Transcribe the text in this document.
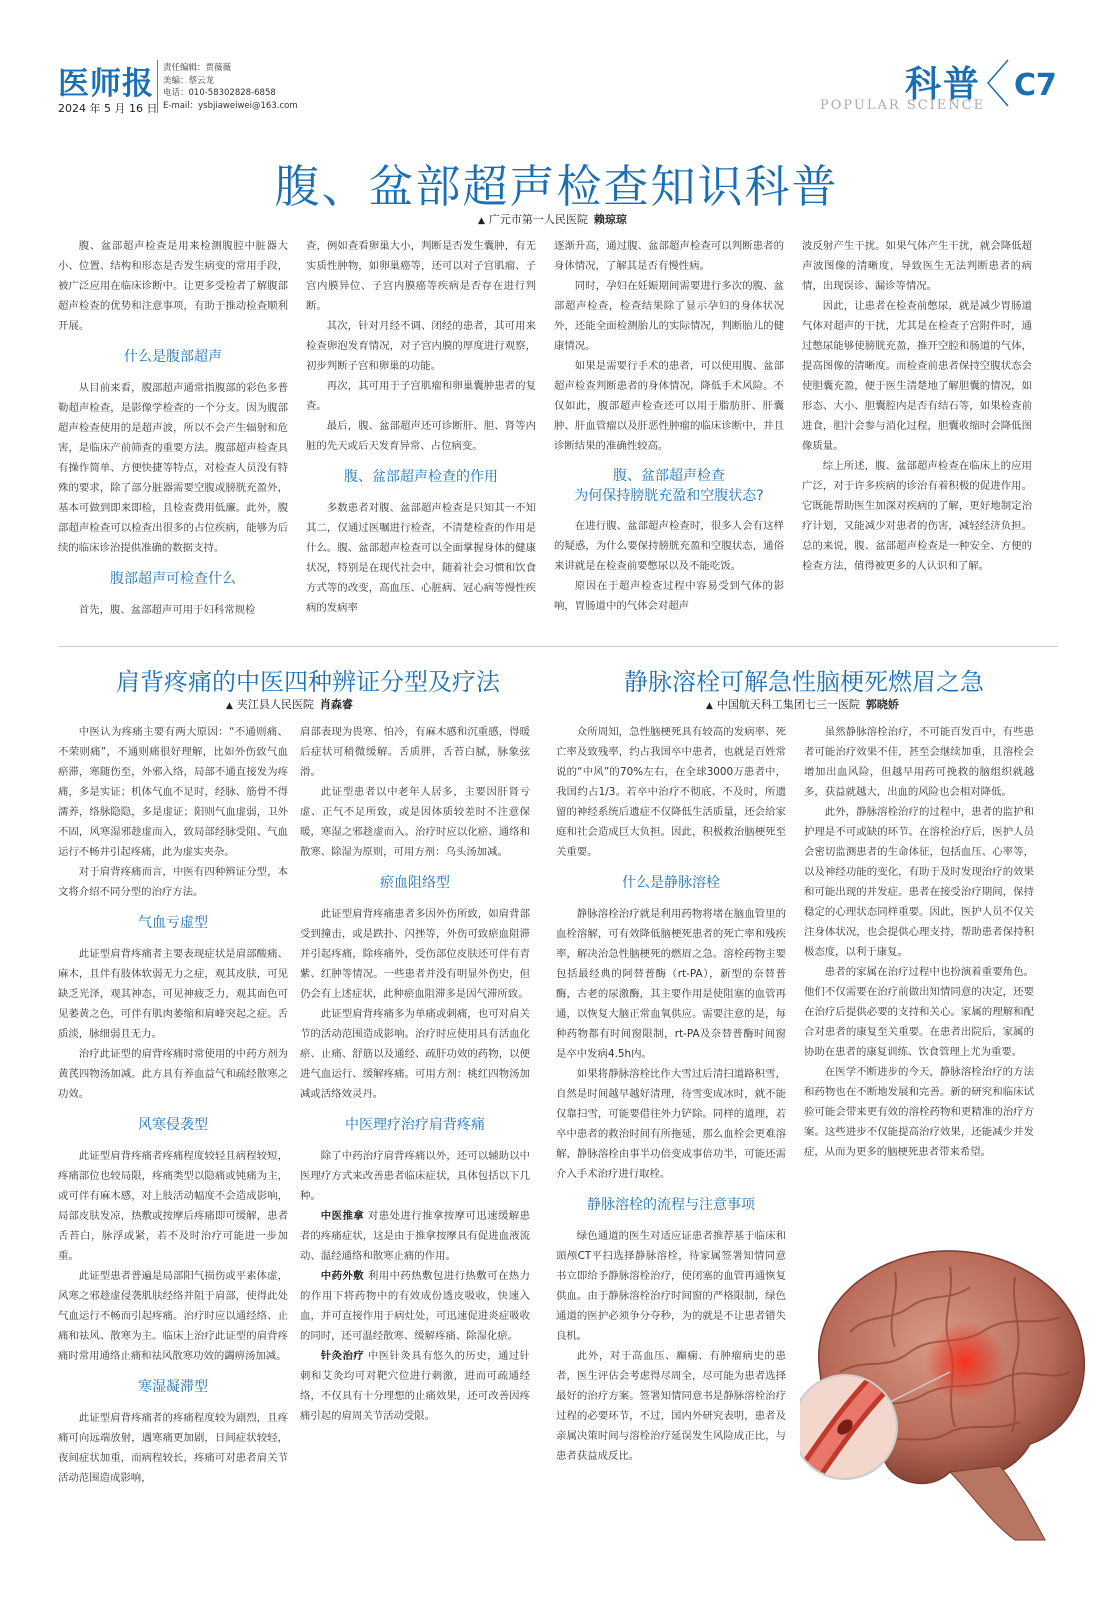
医师报
2024 年 5 月 16 日
责任编辑：贾薇薇
美编：蔡云龙
电话：010-58302828-6858
E-mail：ysbjiaweiwei@163.com
科普
POPULAR SCIENCE
C7
腹、盆部超声检查知识科普
▲ 广元市第一人民医院 赖琼琼

腹、盆部超声检查是用来检测腹腔中脏器大小、位置、结构和形态是否发生病变的常用手段，被广泛应用在临床诊断中。让更多受检者了解腹部超声检查的优势和注意事项，有助于推动检查顺利开展。

什么是腹部超声

从目前来看，腹部超声通常指腹部的彩色多普勒超声检查，是影像学检查的一个分支。因为腹部超声检查使用的是超声波，所以不会产生辐射和危害，是临床产前筛查的重要方法。腹部超声检查具有操作简单、方便快捷等特点，对检查人员没有特殊的要求，除了部分脏器需要空腹或膀胱充盈外，基本可做到即来即检，且检查费用低廉。此外，腹部超声检查可以检查出很多的占位疾病，能够为后续的临床诊治提供准确的数据支持。

腹部超声可检查什么

首先，腹、盆部超声可用于妇科常规检

查，例如查看卵巢大小，判断是否发生囊肿，有无实质性肿物，如卵巢癌等，还可以对子宫肌瘤、子宫内膜异位、子宫内膜癌等疾病是否存在进行判断。

其次，针对月经不调、闭经的患者，其可用来检查卵泡发育情况，对子宫内膜的厚度进行观察，初步判断子宫和卵巢的功能。

再次，其可用于子宫肌瘤和卵巢囊肿患者的复查。

最后，腹、盆部超声还可诊断肝、胆、肾等内脏的先天或后天发育异常、占位病变。

腹、盆部超声检查的作用

多数患者对腹、盆部超声检查是只知其一不知其二，仅通过医嘱进行检查，不清楚检查的作用是什么。腹、盆部超声检查可以全面掌握身体的健康状况，特别是在现代社会中，随着社会习惯和饮食方式等的改变，高血压、心脏病、冠心病等慢性疾病的发病率

逐渐升高，通过腹、盆部超声检查可以判断患者的身体情况，了解其是否有慢性病。

同时，孕妇在妊娠期间需要进行多次的腹、盆部超声检查，检查结果除了显示孕妇的身体状况外，还能全面检测胎儿的实际情况，判断胎儿的健康情况。

如果是需要行手术的患者，可以使用腹、盆部超声检查判断患者的身体情况，降低手术风险。不仅如此，腹部超声检查还可以用于脂肪肝、肝囊肿、肝血管瘤以及肝恶性肿瘤的临床诊断中，并且诊断结果的准确性较高。

腹、盆部超声检查
为何保持膀胱充盈和空腹状态?

在进行腹、盆部超声检查时，很多人会有这样的疑惑，为什么要保持膀胱充盈和空腹状态，通俗来讲就是在检查前要憋尿以及不能吃饭。

原因在于超声检查过程中容易受到气体的影响，胃肠道中的气体会对超声

波反射产生干扰。如果气体产生干扰，就会降低超声波图像的清晰度，导致医生无法判断患者的病情，出现误诊、漏诊等情况。

因此，让患者在检查前憋尿，就是减少胃肠道气体对超声的干扰，尤其是在检查子宫附件时，通过憋尿能够使膀胱充盈，推开空腔和肠道的气体，提高图像的清晰度。而检查前患者保持空腹状态会使胆囊充盈，便于医生清楚地了解胆囊的情况，如形态、大小、胆囊腔内是否有结石等，如果检查前进食，胆汁会参与消化过程，胆囊收缩时会降低图像质量。

综上所述，腹、盆部超声检查在临床上的应用广泛，对于许多疾病的诊治有着积极的促进作用。它既能帮助医生加深对疾病的了解，更好地制定治疗计划，又能减少对患者的伤害，减轻经济负担。总的来说，腹、盆部超声检查是一种安全、方便的检查方法，值得被更多的人认识和了解。

肩背疼痛的中医四种辨证分型及疗法
▲ 夹江县人民医院 肖森睿

中医认为疼痛主要有两大原因：“不通则痛、不荣则痛”，不通则痛很好理解，比如外伤致气血瘀滞，寒随伤至，外邪入络，局部不通直接发为疼痛，多是实证；机体气血不足时，经脉、筋骨不得濡养，络脉隐隐，多是虚证；阳则气血虚弱，卫外不固，风寒湿邪趁虚而入，致局部经脉受阻、气血运行不畅并引起疼痛，此为虚实夹杂。

对于肩背疼痛而言，中医有四种辨证分型，本文将介绍不同分型的治疗方法。

气血亏虚型

此证型肩背疼痛者主要表现症状是肩部酸痛、麻木，且伴有肢体软弱无力之症，观其皮肤，可见缺乏光泽，观其神态，可见神疲乏力，观其面色可见萎黄之色，可伴有肌肉萎缩和肩峰突起之症。舌质淡，脉细弱且无力。

治疗此证型的肩背疼痛时常使用的中药方剂为黄芪四物汤加减。此方具有养血益气和疏经散寒之功效。

风寒侵袭型

此证型肩背疼痛者疼痛程度较轻且病程较短，疼痛部位也较局限，疼痛类型以隐痛或钝痛为主，或可伴有麻木感，对上肢活动幅度不会造成影响，局部皮肤发凉，热敷或按摩后疼痛即可缓解，患者舌苔白，脉浮或紧，若不及时治疗可能进一步加重。

此证型患者普遍是局部阳气损伤或平素体虚，风寒之邪趁虚侵袭肌肤经络并阻于肩部，使得此处气血运行不畅而引起疼痛。治疗时应以通经络、止痛和祛风、散寒为主。临床上治疗此证型的肩背疼痛时常用通络止痛和祛风散寒功效的蠲痹汤加减。

寒湿凝滞型

此证型肩背疼痛者的疼痛程度较为剧烈，且疼痛可向远端放射，遇寒痛更加剧，日间症状较轻，夜间症状加重，而病程较长，疼痛可对患者肩关节活动范围造成影响，

肩部表现为畏寒、怕冷，有麻木感和沉重感，得暖后症状可稍微缓解。舌质胖，舌苔白腻，脉象弦滑。

此证型患者以中老年人居多，主要因肝肾亏虚、正气不足所致，或是因体质较差时不注意保暖，寒湿之邪趁虚而入。治疗时应以化瘀、通络和散寒、除湿为原则，可用方剂：乌头汤加减。

瘀血阻络型

此证型肩背疼痛患者多因外伤所致，如肩背部受到撞击，或是跌扑、闪挫等，外伤可致瘀血阻滞并引起疼痛，除疼痛外，受伤部位皮肤还可伴有青紫、红肿等情况。一些患者并没有明显外伤史，但仍会有上述症状，此种瘀血阻滞多是因气滞所致。

此证型肩背疼痛多为单痛或刺痛，也可对肩关节的活动范围造成影响。治疗时应使用具有活血化瘀、止痛、舒筋以及通经、疏肝功效的药物，以便进气血运行、缓解疼痛。可用方剂：桃红四物汤加减或活络效灵丹。

中医理疗治疗肩背疼痛

除了中药治疗肩背疼痛以外，还可以辅助以中医理疗方式来改善患者临床症状，具体包括以下几种。

中医推拿 对患处进行推拿按摩可迅速缓解患者的疼痛症状，这是由于推拿按摩具有促进血液流动、温经通络和散寒止痛的作用。

中药外敷 利用中药热敷包进行热敷可在热力的作用下将药物中的有效成份透皮吸收，快速入血，并可直接作用于病灶处，可迅速促进炎症吸收的同时，还可温经散寒、缓解疼痛、除湿化瘀。

针灸治疗 中医针灸具有悠久的历史，通过针刺和艾灸均可对靶穴位进行刺激，进而可疏通经络，不仅具有十分理想的止痛效果，还可改善因疼痛引起的肩周关节活动受限。

静脉溶栓可解急性脑梗死燃眉之急
▲ 中国航天科工集团七三一医院 郭晓娇

众所周知，急性脑梗死具有较高的发病率、死亡率及致残率，约占我国卒中患者，也就是百姓常说的“中风”的70%左右，在全球3000万患者中，我国约占1/3。若卒中治疗不彻底、不及时，所遗留的神经系统后遗症不仅降低生活质量，还会给家庭和社会造成巨大负担。因此，积极救治脑梗死至关重要。

什么是静脉溶栓

静脉溶栓治疗就是利用药物将堵在脑血管里的血栓溶解，可有效降低脑梗死患者的死亡率和残疾率，解决治急性脑梗死的燃眉之急。溶栓药物主要包括最经典的阿替普酶（rt-PA），新型的奈替普酶，古老的尿激酶，其主要作用是使阻塞的血管再通，以恢复大脑正常血氧供应。需要注意的是，每种药物都有时间窗限制，rt-PA及奈替普酶时间窗是卒中发病4.5h内。

如果将静脉溶栓比作大雪过后清扫道路积雪，自然是时间越早越好清理，待雪变成冰时，就不能仅靠扫雪，可能要借往外力铲除。同样的道理，若卒中患者的救治时间有所拖延，那么血栓会更难溶解，静脉溶栓由事半功倍变成事倍功半，可能还需介入手术治疗进行取栓。

静脉溶栓的流程与注意事项

绿色通道的医生对适应证患者推荐基于临床和頭颅CT平扫选择静脉溶栓，待家属签署知情同意书立即给予静脉溶栓治疗，使闭塞的血管再通恢复供血。由于静脉溶栓治疗时间窗的严格限制，绿色通道的医护必须争分夺秒，为的就是不让患者错失良机。

此外，对于高血压、癫痫、有肿瘤病史的患者，医生评估会考虑得尽周全，尽可能为患者选择最好的治疗方案。签署知情同意书是静脉溶栓治疗过程的必要环节，不过，国内外研究表明，患者及亲属决策时间与溶栓治疗延误发生风险成正比，与患者获益成反比。

虽然静脉溶栓治疗，不可能百发百中，有些患者可能治疗效果不佳，甚至会继续加重，且溶栓会增加出血风险，但越早用药可挽救的脑组织就越多，获益就越大，出血的风险也会相对降低。

此外，静脉溶栓治疗的过程中，患者的监护和护理是不可或缺的环节。在溶栓治疗后，医护人员会密切监测患者的生命体征，包括血压、心率等，以及神经功能的变化，有助于及时发现治疗的效果和可能出现的并发症。患者在接受治疗期间，保持稳定的心理状态同样重要。因此，医护人员不仅关注身体状况，也会提供心理支持，帮助患者保持积极态度，以利于康复。

患者的家属在治疗过程中也扮演着重要角色。他们不仅需要在治疗前做出知情同意的决定，还要在治疗后提供必要的支持和关心。家属的理解和配合对患者的康复至关重要。在患者出院后，家属的协助在患者的康复训练、饮食管理上尤为重要。

在医学不断进步的今天，静脉溶栓治疗的方法和药物也在不断地发展和完善。新的研究和临床试验可能会带来更有效的溶栓药物和更精准的治疗方案。这些进步不仅能提高治疗效果，还能减少并发症，从而为更多的脑梗死患者带来希望。
